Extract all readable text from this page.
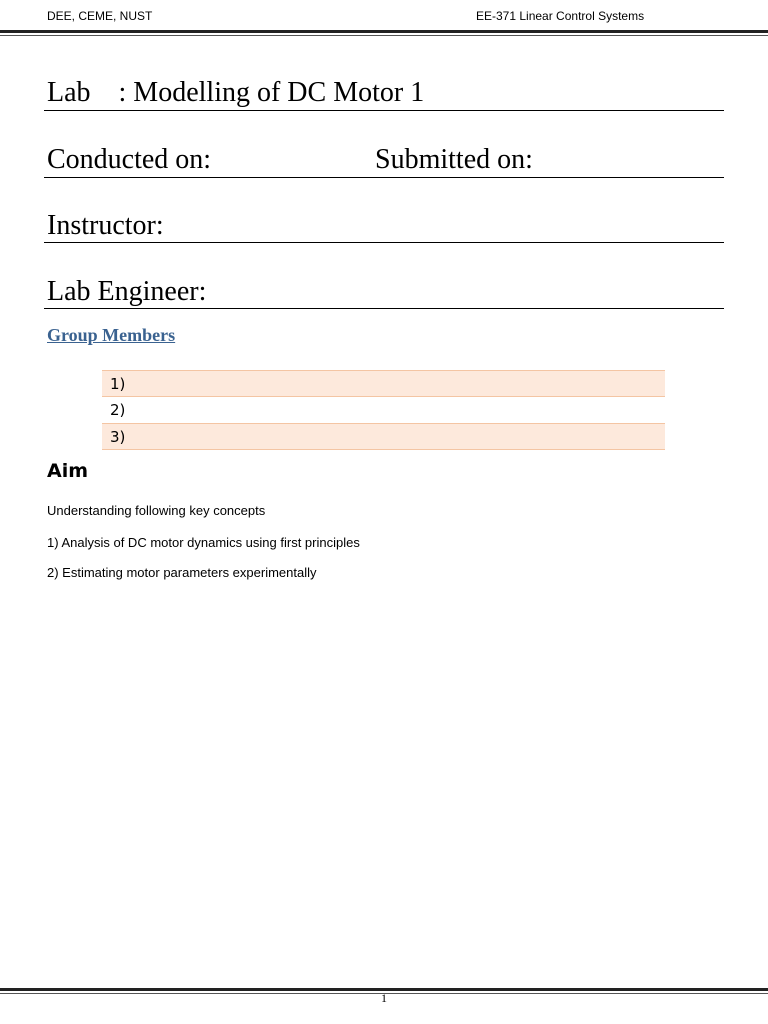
DEE, CEME, NUST	EE-371 Linear Control Systems
Lab    : Modelling of DC Motor 1
Conducted on:	Submitted on:
Instructor:
Lab Engineer:
Group Members
1)
2)
3)
Aim
Understanding following key concepts
1) Analysis of DC motor dynamics using first principles
2) Estimating motor parameters experimentally
1
